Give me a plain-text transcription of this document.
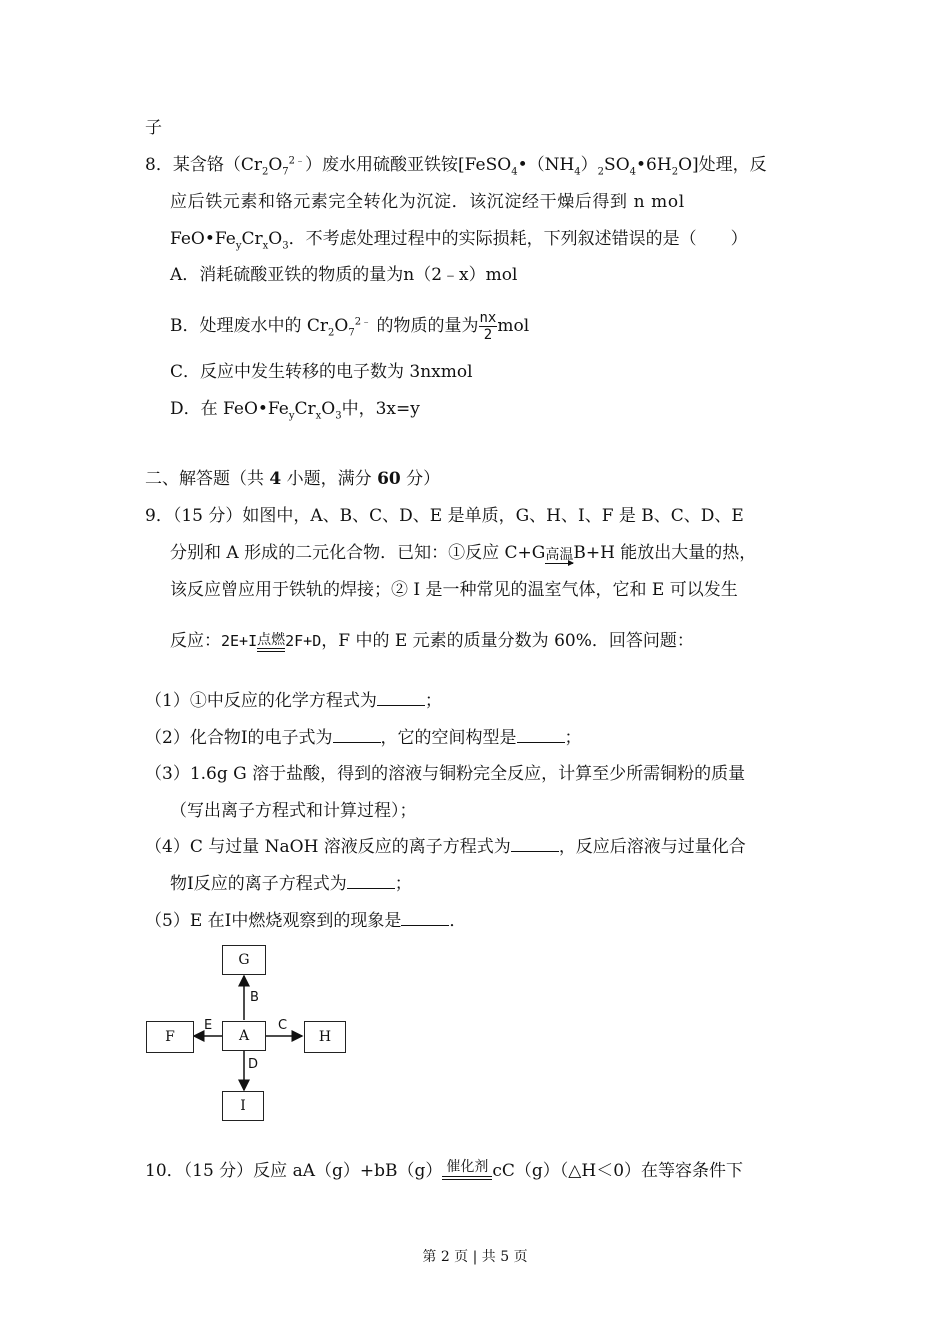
子
8．某含铬$(Cr_2O_7^{2﹣})$废水用硫酸亚铁铵$[FeSO_4•(NH_4)_2SO_4•6H_2O]$处理，反
应后铁元素和铬元素完全转化为沉淀．该沉淀经干燥后得到 n mol
$FeO•Fe_yCr_xO_3$．不考虑处理过程中的实际损耗，下列叙述错误的是（　　）
A．消耗硫酸亚铁的物质的量为n（2﹣x）mol
B．处理废水中的 $Cr_2O_7^{2﹣}$ 的物质的量为 $\frac{nx}{2}$ mol
C．反应中发生转移的电子数为 3nxmol
D．在 $FeO•Fe_yCr_xO_3$中，3x=y
二、解答题（共 4 小题，满分 60 分）
9．（15 分）如图中，A、B、C、D、E 是单质，G、H、I、F 是 B、C、D、E
分别和 A 形成的二元化合物．已知：①反应 C+G 高温 B+H 能放出大量的热，
该反应曾应用于铁轨的焊接；② I 是一种常见的温室气体，它和 E 可以发生
反应：2E+I 点燃 2F+D，F 中的 E 元素的质量分数为 60%．回答问题：
（1）①中反应的化学方程式为	；
（2）化合物Ⅰ的电子式为	，它的空间构型是	；
（3）1.6g G 溶于盐酸，得到的溶液与铜粉完全反应，计算至少所需铜粉的质量
（写出离子方程式和计算过程）；
（4）C 与过量 NaOH 溶液反应的离子方程式为	，反应后溶液与过量化合
物Ⅰ反应的离子方程式为	；
（5）E 在Ⅰ中燃烧观察到的现象是	．
G
F	A	H
I
B
E	C
D
10．（15 分）反应 aA（g）+bB（g） 催化剂 cC（g）（△H＜0）在等容条件下
第 2 页 | 共 5 页
